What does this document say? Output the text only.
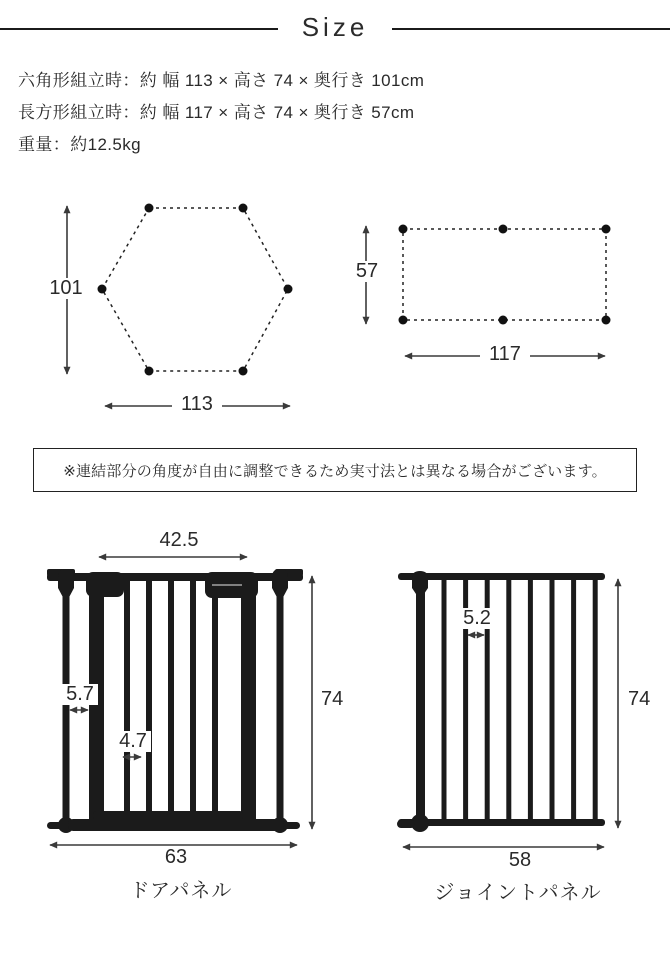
Size
六角形組立時：約 幅 113 × 高さ 74 × 奥行き 101cm
長方形組立時：約 幅 117 × 高さ 74 × 奥行き 57cm
重量：約12.5kg
101
113
57
117
42.5
5.7
4.7
74
63
5.2
74
58
ドアパネル	ジョイントパネル
※連結部分の角度が自由に調整できるため実寸法とは異なる場合がございます。
